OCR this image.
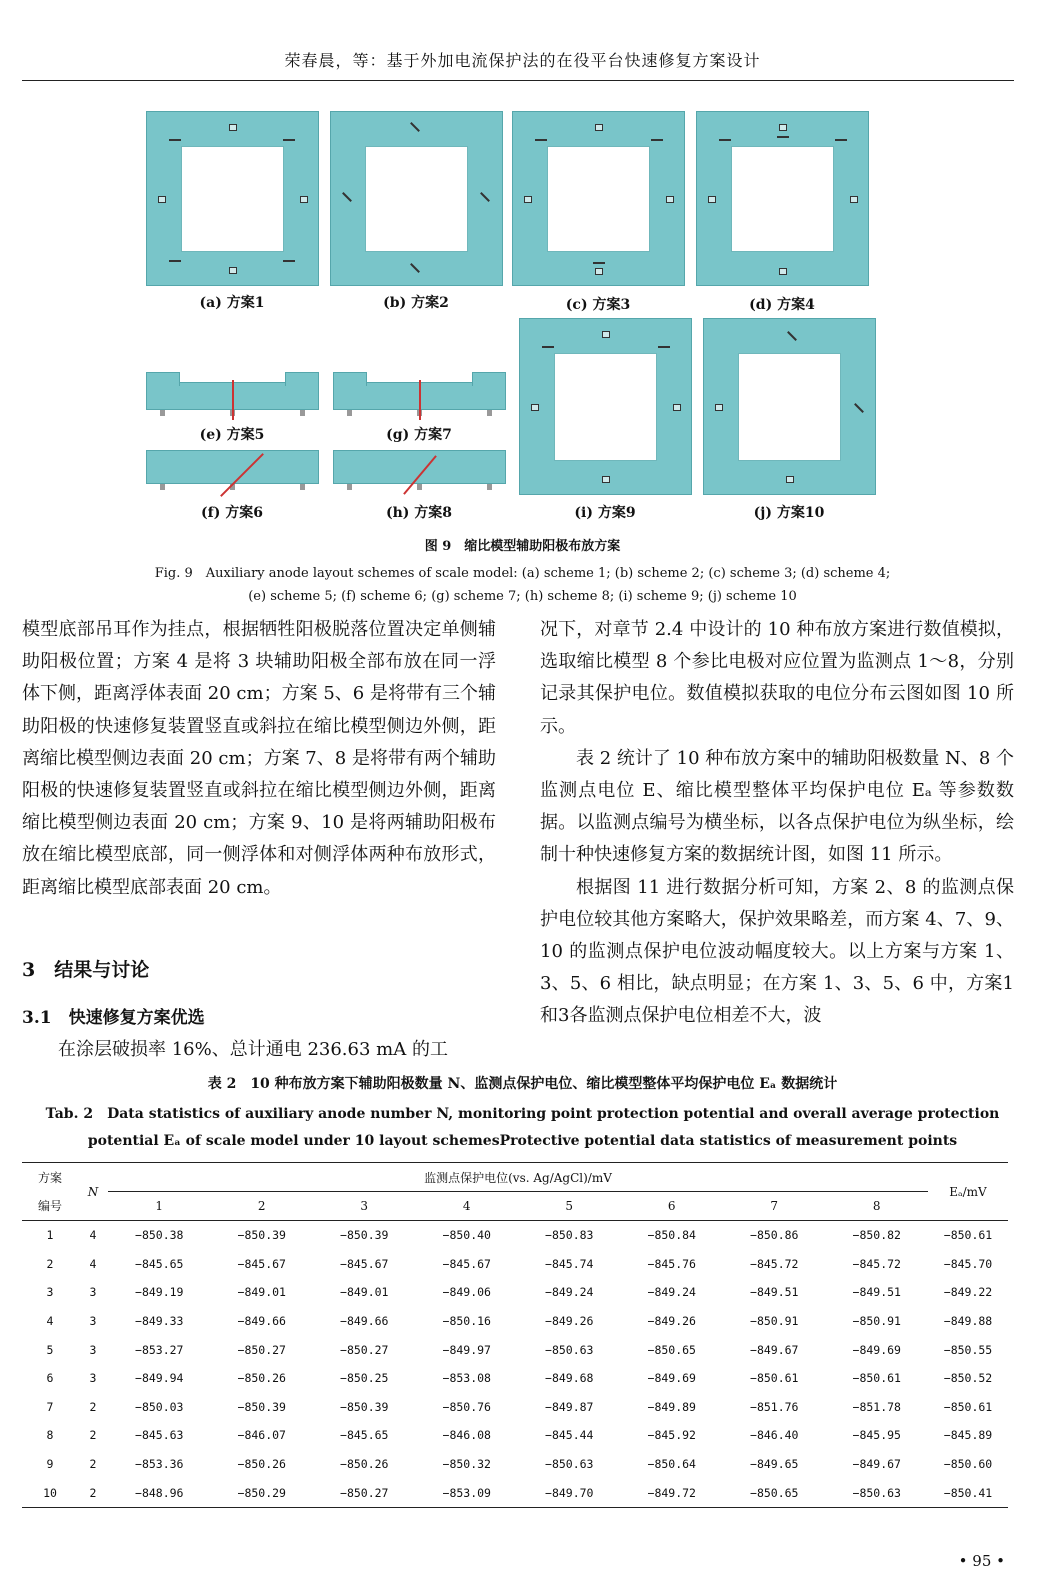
荣春晨，等：基于外加电流保护法的在役平台快速修复方案设计
(a) 方案1	(b) 方案2	(c) 方案3	(d) 方案4
(e) 方案5	(g) 方案7
(f) 方案6	(h) 方案8	(i) 方案9	(j) 方案10
图 9　缩比模型辅助阳极布放方案
Fig. 9　Auxiliary anode layout schemes of scale model: (a) scheme 1; (b) scheme 2; (c) scheme 3; (d) scheme 4;
(e) scheme 5; (f) scheme 6; (g) scheme 7; (h) scheme 8; (i) scheme 9; (j) scheme 10

模型底部吊耳作为挂点，根据牺牲阳极脱落位置决定单侧辅助阳极位置；方案 4 是将 3 块辅助阳极全部布放在同一浮体下侧，距离浮体表面 20 cm；方案 5、6 是将带有三个辅助阳极的快速修复装置竖直或斜拉在缩比模型侧边外侧，距离缩比模型侧边表面 20 cm；方案 7、8 是将带有两个辅助阳极的快速修复装置竖直或斜拉在缩比模型侧边外侧，距离缩比模型侧边表面 20 cm；方案 9、10 是将两辅助阳极布放在缩比模型底部，同一侧浮体和对侧浮体两种布放形式，距离缩比模型底部表面 20 cm。

3　结果与讨论
3.1　快速修复方案优选

在涂层破损率 16%、总计通电 236.63 mA 的工

况下，对章节 2.4 中设计的 10 种布放方案进行数值模拟，选取缩比模型 8 个参比电极对应位置为监测点 1～8，分别记录其保护电位。数值模拟获取的电位分布云图如图 10 所示。

表 2 统计了 10 种布放方案中的辅助阳极数量 N、8 个监测点电位 E、缩比模型整体平均保护电位 Eₐ 等参数数据。以监测点编号为横坐标，以各点保护电位为纵坐标，绘制十种快速修复方案的数据统计图，如图 11 所示。

根据图 11 进行数据分析可知，方案 2、8 的监测点保护电位较其他方案略大，保护效果略差，而方案 4、7、9、10 的监测点保护电位波动幅度较大。以上方案与方案 1、3、5、6 相比，缺点明显；在方案 1、3、5、6 中，方案1和3各监测点保护电位相差不大，波

表 2　10 种布放方案下辅助阳极数量 N、监测点保护电位、缩比模型整体平均保护电位 Eₐ 数据统计
Tab. 2　Data statistics of auxiliary anode number N, monitoring point protection potential and overall average protection
potential Eₐ of scale model under 10 layout schemesProtective potential data statistics of measurement points
方案	N	监测点保护电位(vs. Ag/AgCl)/mV								Eₐ/mV
编号		1	2	3	4	5	6	7	8	
1	4	−850.38	−850.39	−850.39	−850.40	−850.83	−850.84	−850.86	−850.82	−850.61
2	4	−845.65	−845.67	−845.67	−845.67	−845.74	−845.76	−845.72	−845.72	−845.70
3	3	−849.19	−849.01	−849.01	−849.06	−849.24	−849.24	−849.51	−849.51	−849.22
4	3	−849.33	−849.66	−849.66	−850.16	−849.26	−849.26	−850.91	−850.91	−849.88
5	3	−853.27	−850.27	−850.27	−849.97	−850.63	−850.65	−849.67	−849.69	−850.55
6	3	−849.94	−850.26	−850.25	−853.08	−849.68	−849.69	−850.61	−850.61	−850.52
7	2	−850.03	−850.39	−850.39	−850.76	−849.87	−849.89	−851.76	−851.78	−850.61
8	2	−845.63	−846.07	−845.65	−846.08	−845.44	−845.92	−846.40	−845.95	−845.89
9	2	−853.36	−850.26	−850.26	−850.32	−850.63	−850.64	−849.65	−849.67	−850.60
10	2	−848.96	−850.29	−850.27	−853.09	−849.70	−849.72	−850.65	−850.63	−850.41
• 95 •
